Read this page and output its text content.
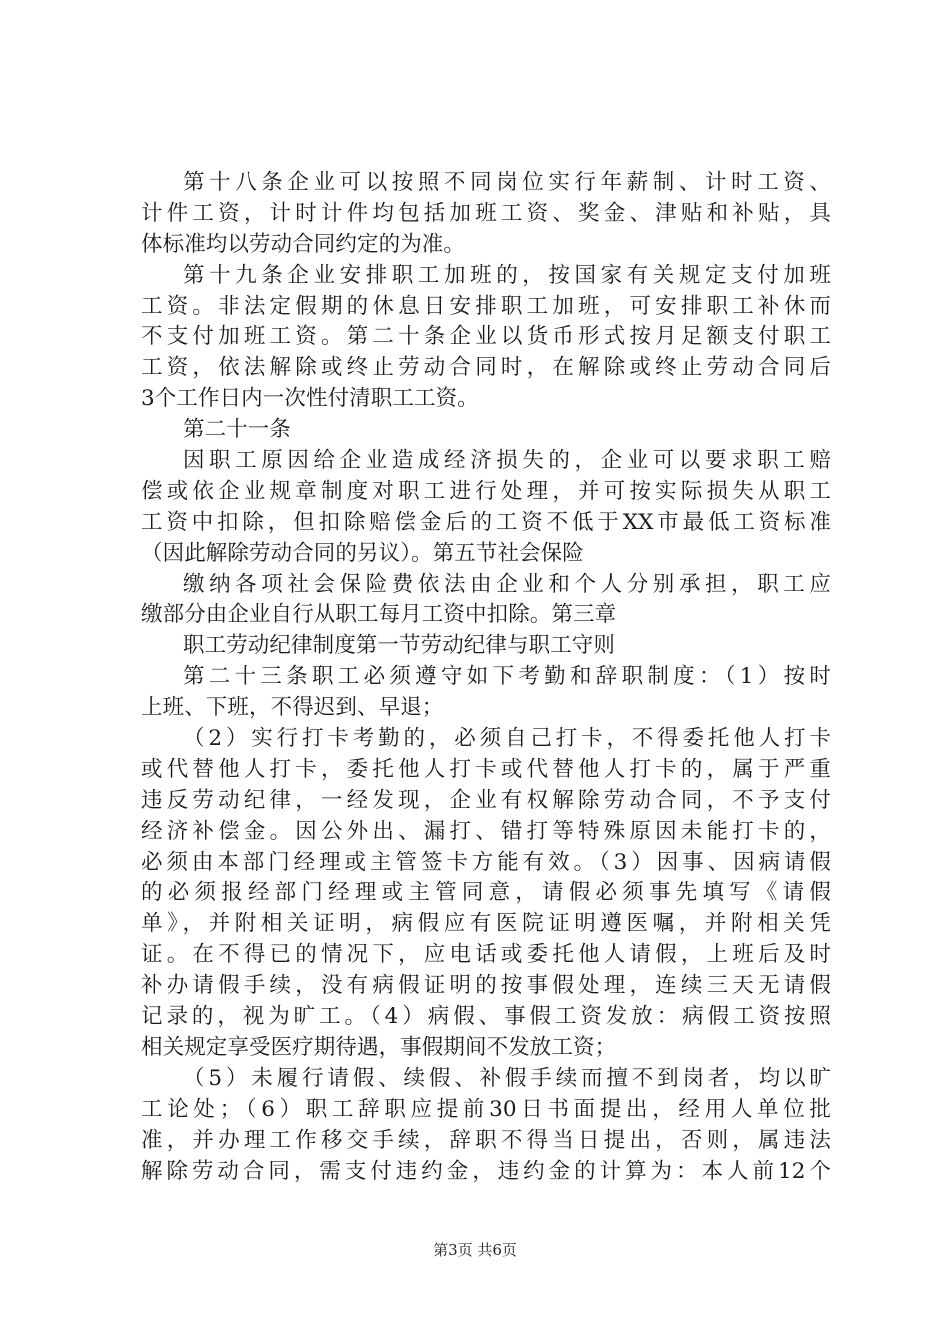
第十八条企业可以按照不同岗位实行年薪制、计时工资、
计件工资，计时计件均包括加班工资、奖金、津贴和补贴，具
体标准均以劳动合同约定的为准。
第十九条企业安排职工加班的，按国家有关规定支付加班
工资。非法定假期的休息日安排职工加班，可安排职工补休而
不支付加班工资。第二十条企业以货币形式按月足额支付职工
工资，依法解除或终止劳动合同时，在解除或终止劳动合同后
3个工作日内一次性付清职工工资。
第二十一条
因职工原因给企业造成经济损失的，企业可以要求职工赔
偿或依企业规章制度对职工进行处理，并可按实际损失从职工
工资中扣除，但扣除赔偿金后的工资不低于XX市最低工资标准
（因此解除劳动合同的另议）。第五节社会保险
缴纳各项社会保险费依法由企业和个人分别承担，职工应
缴部分由企业自行从职工每月工资中扣除。第三章
职工劳动纪律制度第一节劳动纪律与职工守则
第二十三条职工必须遵守如下考勤和辞职制度：（1）按时
上班、下班，不得迟到、早退；
（2）实行打卡考勤的，必须自己打卡，不得委托他人打卡
或代替他人打卡，委托他人打卡或代替他人打卡的，属于严重
违反劳动纪律，一经发现，企业有权解除劳动合同，不予支付
经济补偿金。因公外出、漏打、错打等特殊原因未能打卡的，
必须由本部门经理或主管签卡方能有效。（3）因事、因病请假
的必须报经部门经理或主管同意，请假必须事先填写《请假
单》，并附相关证明，病假应有医院证明遵医嘱，并附相关凭
证。在不得已的情况下，应电话或委托他人请假，上班后及时
补办请假手续，没有病假证明的按事假处理，连续三天无请假
记录的，视为旷工。（4）病假、事假工资发放：病假工资按照
相关规定享受医疗期待遇，事假期间不发放工资；
（5）未履行请假、续假、补假手续而擅不到岗者，均以旷
工论处；（6）职工辞职应提前30日书面提出，经用人单位批
准，并办理工作移交手续，辞职不得当日提出，否则，属违法
解除劳动合同，需支付违约金，违约金的计算为：本人前12个
第3页 共6页
